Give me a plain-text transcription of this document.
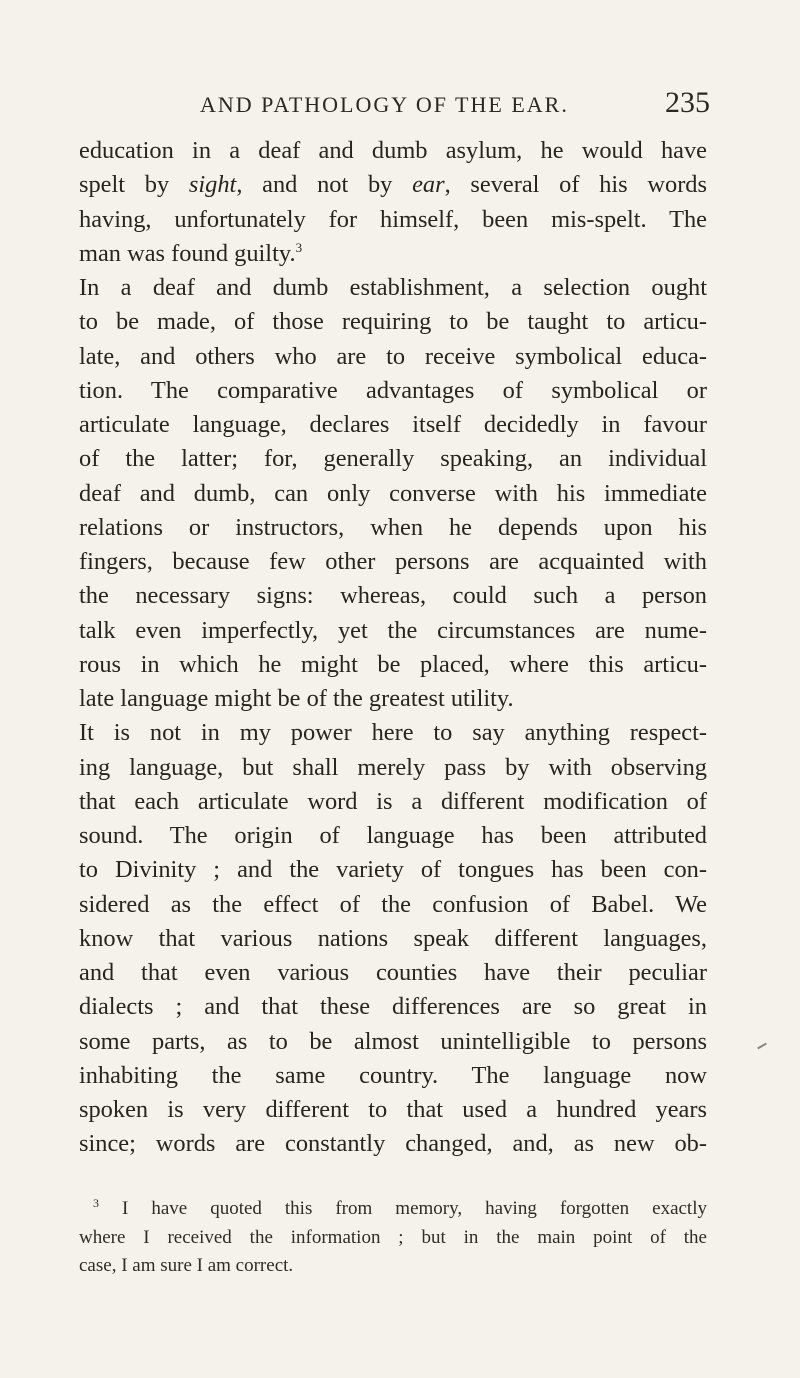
AND PATHOLOGY OF THE EAR.	235
education in a deaf and dumb asylum, he would have
spelt by sight, and not by ear, several of his words
having, unfortunately for himself, been mis-spelt. The
man was found guilty.$^3$
In a deaf and dumb establishment, a selection ought
to be made, of those requiring to be taught to articu-
late, and others who are to receive symbolical educa-
tion. The comparative advantages of symbolical or
articulate language, declares itself decidedly in favour
of the latter; for, generally speaking, an individual
deaf and dumb, can only converse with his immediate
relations or instructors, when he depends upon his
fingers, because few other persons are acquainted with
the necessary signs: whereas, could such a person
talk even imperfectly, yet the circumstances are nume-
rous in which he might be placed, where this articu-
late language might be of the greatest utility.
It is not in my power here to say anything respect-
ing language, but shall merely pass by with observing
that each articulate word is a different modification of
sound. The origin of language has been attributed
to Divinity ; and the variety of tongues has been con-
sidered as the effect of the confusion of Babel. We
know that various nations speak different languages,
and that even various counties have their peculiar
dialects ; and that these differences are so great in
some parts, as to be almost unintelligible to persons
inhabiting the same country. The language now
spoken is very different to that used a hundred years
since; words are constantly changed, and, as new ob-
$^3$ I have quoted this from memory, having forgotten exactly
where I received the information ; but in the main point of the
case, I am sure I am correct.
